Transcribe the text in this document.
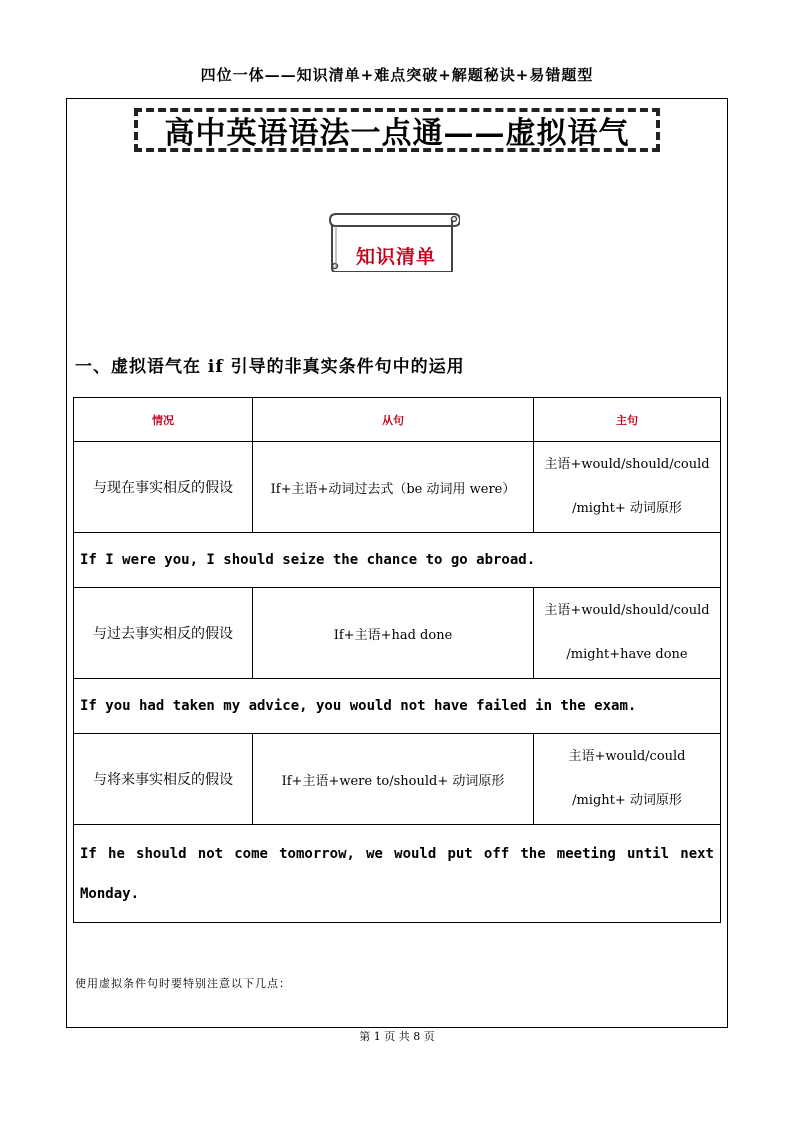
四位一体——知识清单+难点突破+解题秘诀+易错题型
高中英语语法一点通——虚拟语气
知识清单
一、虚拟语气在 if 引导的非真实条件句中的运用
情况	从句	主句
与现在事实相反的假设	If+主语+动词过去式（be 动词用 were）	主语+would/should/could
/might+ 动词原形

If I were you, I should seize the chance to go abroad.		
与过去事实相反的假设	If+主语+had done	主语+would/should/could
/might+have done

If you had taken my advice, you would not have failed in the exam.		
与将来事实相反的假设	If+主语+were to/should+ 动词原形	主语+would/could
/might+ 动词原形

If he should not come tomorrow, we would put off the meeting until next Monday.		
使用虚拟条件句时要特别注意以下几点：
第 1 页 共 8 页
